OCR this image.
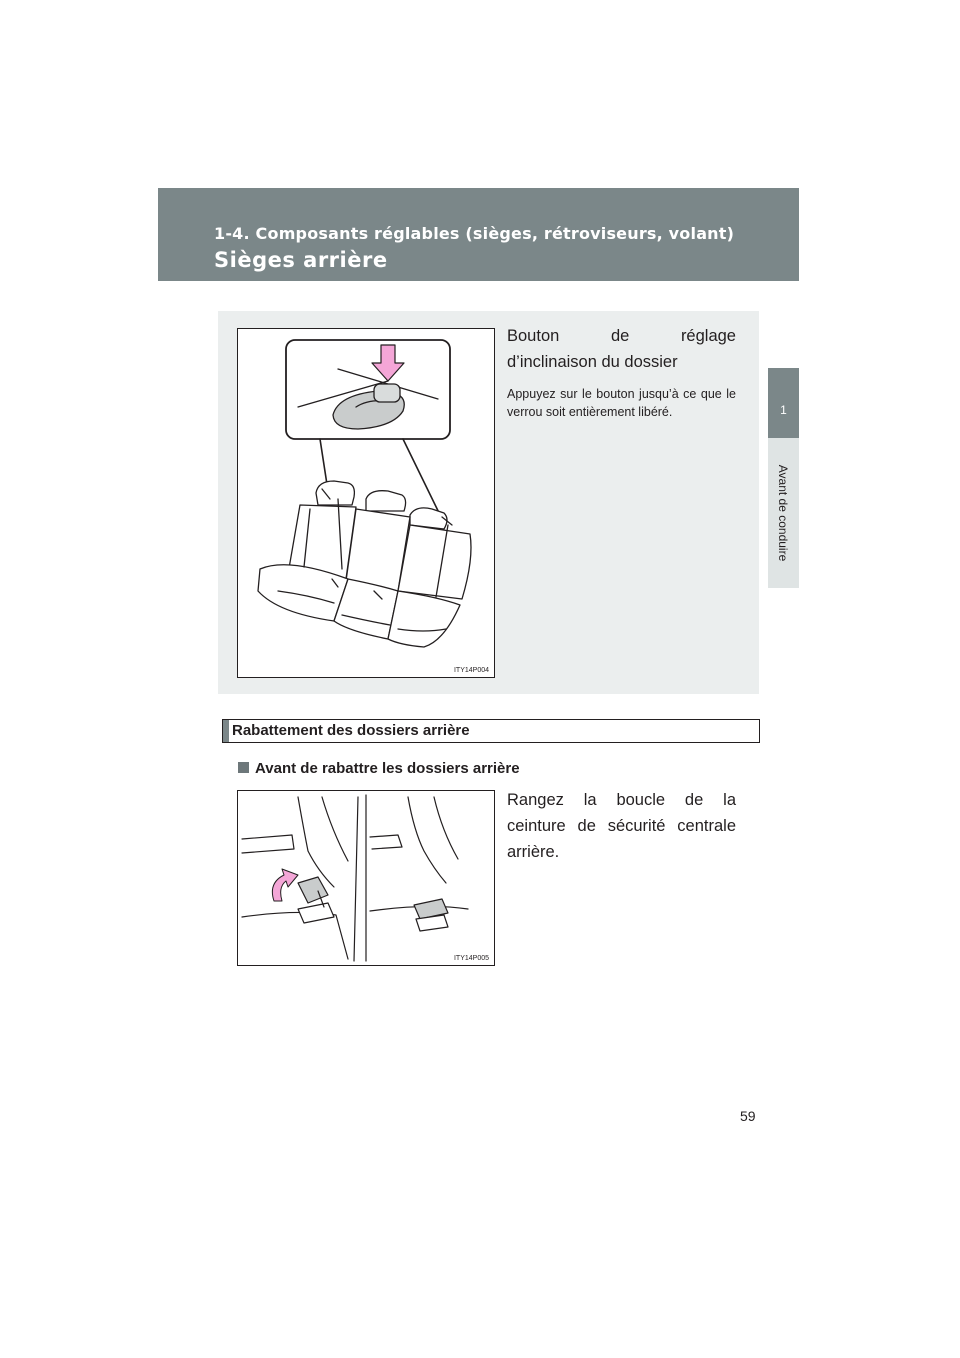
1-4. Composants réglables (sièges, rétroviseurs, volant)
Sièges arrière
1
Avant de conduire
ITY14P004

Bouton de réglage d’inclinaison du dossier

Appuyez sur le bouton jusqu’à ce que le verrou soit entièrement libéré.

Rabattement des dossiers arrière
Avant de rabattre les dossiers arrière
ITY14P005

Rangez la boucle de la ceinture de sécurité centrale arrière.

59
